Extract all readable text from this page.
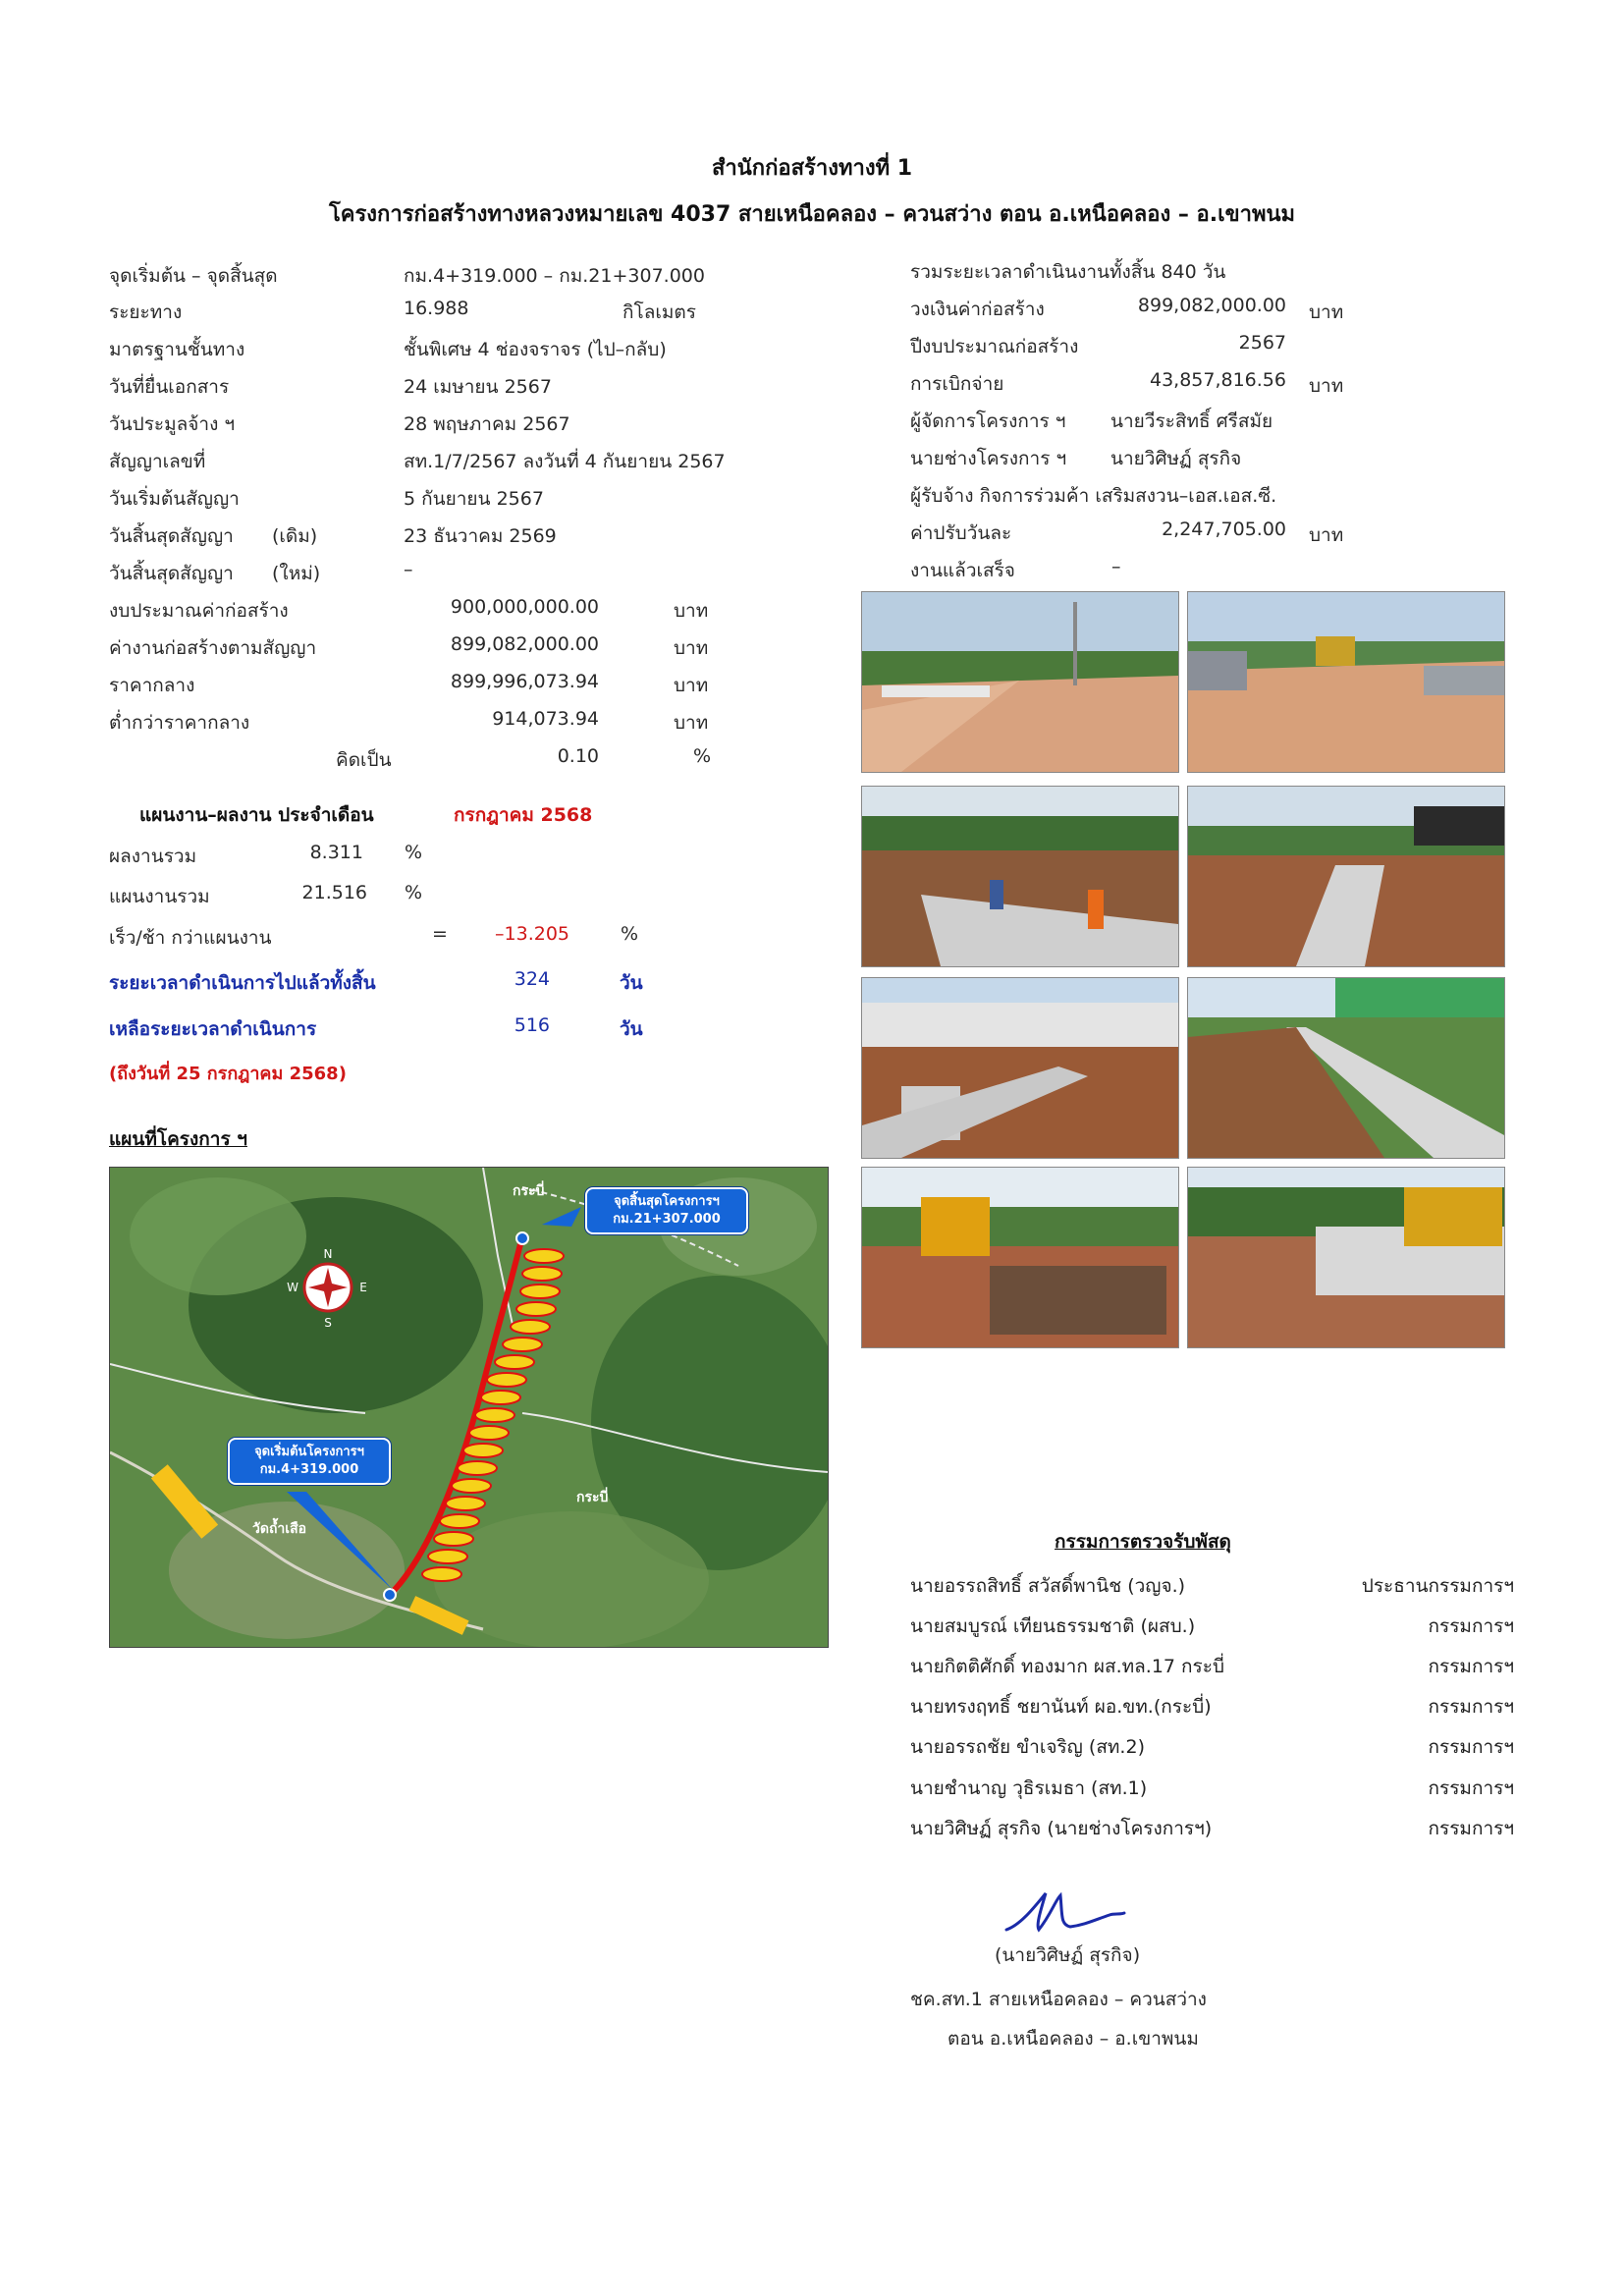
สำนักก่อสร้างทางที่ 1
โครงการก่อสร้างทางหลวงหมายเลข 4037 สายเหนือคลอง – ควนสว่าง ตอน อ.เหนือคลอง – อ.เขาพนม
จุดเริ่มต้น – จุดสิ้นสุด	กม.4+319.000 – กม.21+307.000
ระยะทาง	16.988	กิโลเมตร
มาตรฐานชั้นทาง	ชั้นพิเศษ 4 ช่องจราจร (ไป–กลับ)
วันที่ยื่นเอกสาร	24 เมษายน 2567
วันประมูลจ้าง ฯ	28 พฤษภาคม 2567
สัญญาเลขที่	สท.1/7/2567 ลงวันที่ 4 กันยายน 2567
วันเริ่มต้นสัญญา	5 กันยายน 2567
วันสิ้นสุดสัญญา (เดิม)	23 ธันวาคม 2569
วันสิ้นสุดสัญญา (ใหม่)	–
งบประมาณค่าก่อสร้าง	900,000,000.00	บาท
ค่างานก่อสร้างตามสัญญา	899,082,000.00	บาท
ราคากลาง	899,996,073.94	บาท
ต่ำกว่าราคากลาง	914,073.94	บาท
คิดเป็น	0.10	%
แผนงาน–ผลงาน ประจำเดือน	กรกฎาคม 2568
ผลงานรวม	8.311 %
แผนงานรวม	21.516 %
เร็ว/ช้า กว่าแผนงาน	=	–13.205	%
ระยะเวลาดำเนินการไปแล้วทั้งสิ้น	324	วัน
เหลือระยะเวลาดำเนินการ	516	วัน
(ถึงวันที่ 25 กรกฎาคม 2568)
แผนที่โครงการ ฯ
N
S
E
W
กระบี่
กระบี่
วัดถ้ำเสือ
จุดสิ้นสุดโครงการฯ
กม.21+307.000
จุดเริ่มต้นโครงการฯ
กม.4+319.000
รวมระยะเวลาดำเนินงานทั้งสิ้น 840 วัน
วงเงินค่าก่อสร้าง	899,082,000.00 บาท
ปีงบประมาณก่อสร้าง	2567
การเบิกจ่าย	43,857,816.56 บาท
ผู้จัดการโครงการ ฯ นายวีระสิทธิ์ ศรีสมัย
นายช่างโครงการ ฯ นายวิศิษฏ์ สุรกิจ
ผู้รับจ้าง กิจการร่วมค้า เสริมสงวน–เอส.เอส.ซี.
ค่าปรับวันละ	2,247,705.00 บาท
งานแล้วเสร็จ	–
กรรมการตรวจรับพัสดุ
นายอรรถสิทธิ์ สวัสดิ์พานิช (วญจ.)	ประธานกรรมการฯ
นายสมบูรณ์ เทียนธรรมชาติ (ผสบ.)	กรรมการฯ
นายกิตติศักดิ์ ทองมาก ผส.ทล.17 กระบี่	กรรมการฯ
นายทรงฤทธิ์ ชยานันท์ ผอ.ขท.(กระบี่)	กรรมการฯ
นายอรรถชัย ขำเจริญ (สท.2)	กรรมการฯ
นายชำนาญ วุธิรเมธา (สท.1)	กรรมการฯ
นายวิศิษฏ์ สุรกิจ (นายช่างโครงการฯ)	กรรมการฯ
(นายวิศิษฏ์ สุรกิจ)
ชค.สท.1 สายเหนือคลอง – ควนสว่าง
ตอน อ.เหนือคลอง – อ.เขาพนม
